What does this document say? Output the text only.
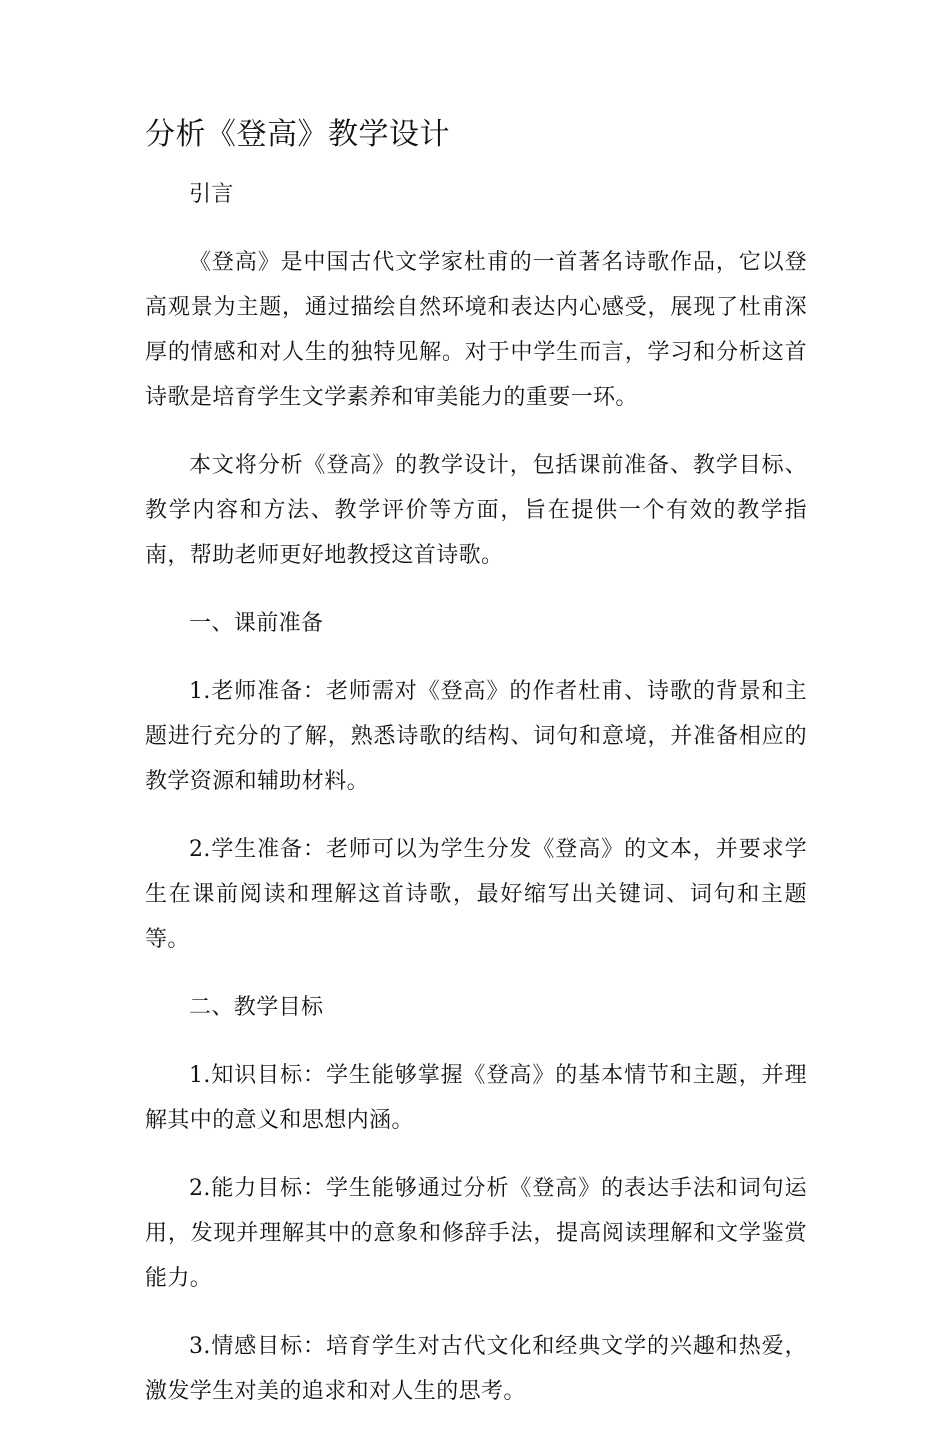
分析《登高》教学设计

引言

《登高》是中国古代文学家杜甫的一首著名诗歌作品，它以登高观景为主题，通过描绘自然环境和表达内心感受，展现了杜甫深厚的情感和对人生的独特见解。对于中学生而言，学习和分析这首诗歌是培育学生文学素养和审美能力的重要一环。

本文将分析《登高》的教学设计，包括课前准备、教学目标、教学内容和方法、教学评价等方面，旨在提供一个有效的教学指南，帮助老师更好地教授这首诗歌。

一、课前准备

1.老师准备：老师需对《登高》的作者杜甫、诗歌的背景和主题进行充分的了解，熟悉诗歌的结构、词句和意境，并准备相应的教学资源和辅助材料。

2.学生准备：老师可以为学生分发《登高》的文本，并要求学生在课前阅读和理解这首诗歌，最好缩写出关键词、词句和主题等。

二、教学目标

1.知识目标：学生能够掌握《登高》的基本情节和主题，并理解其中的意义和思想内涵。

2.能力目标：学生能够通过分析《登高》的表达手法和词句运用，发现并理解其中的意象和修辞手法，提高阅读理解和文学鉴赏能力。

3.情感目标：培育学生对古代文化和经典文学的兴趣和热爱，激发学生对美的追求和对人生的思考。
